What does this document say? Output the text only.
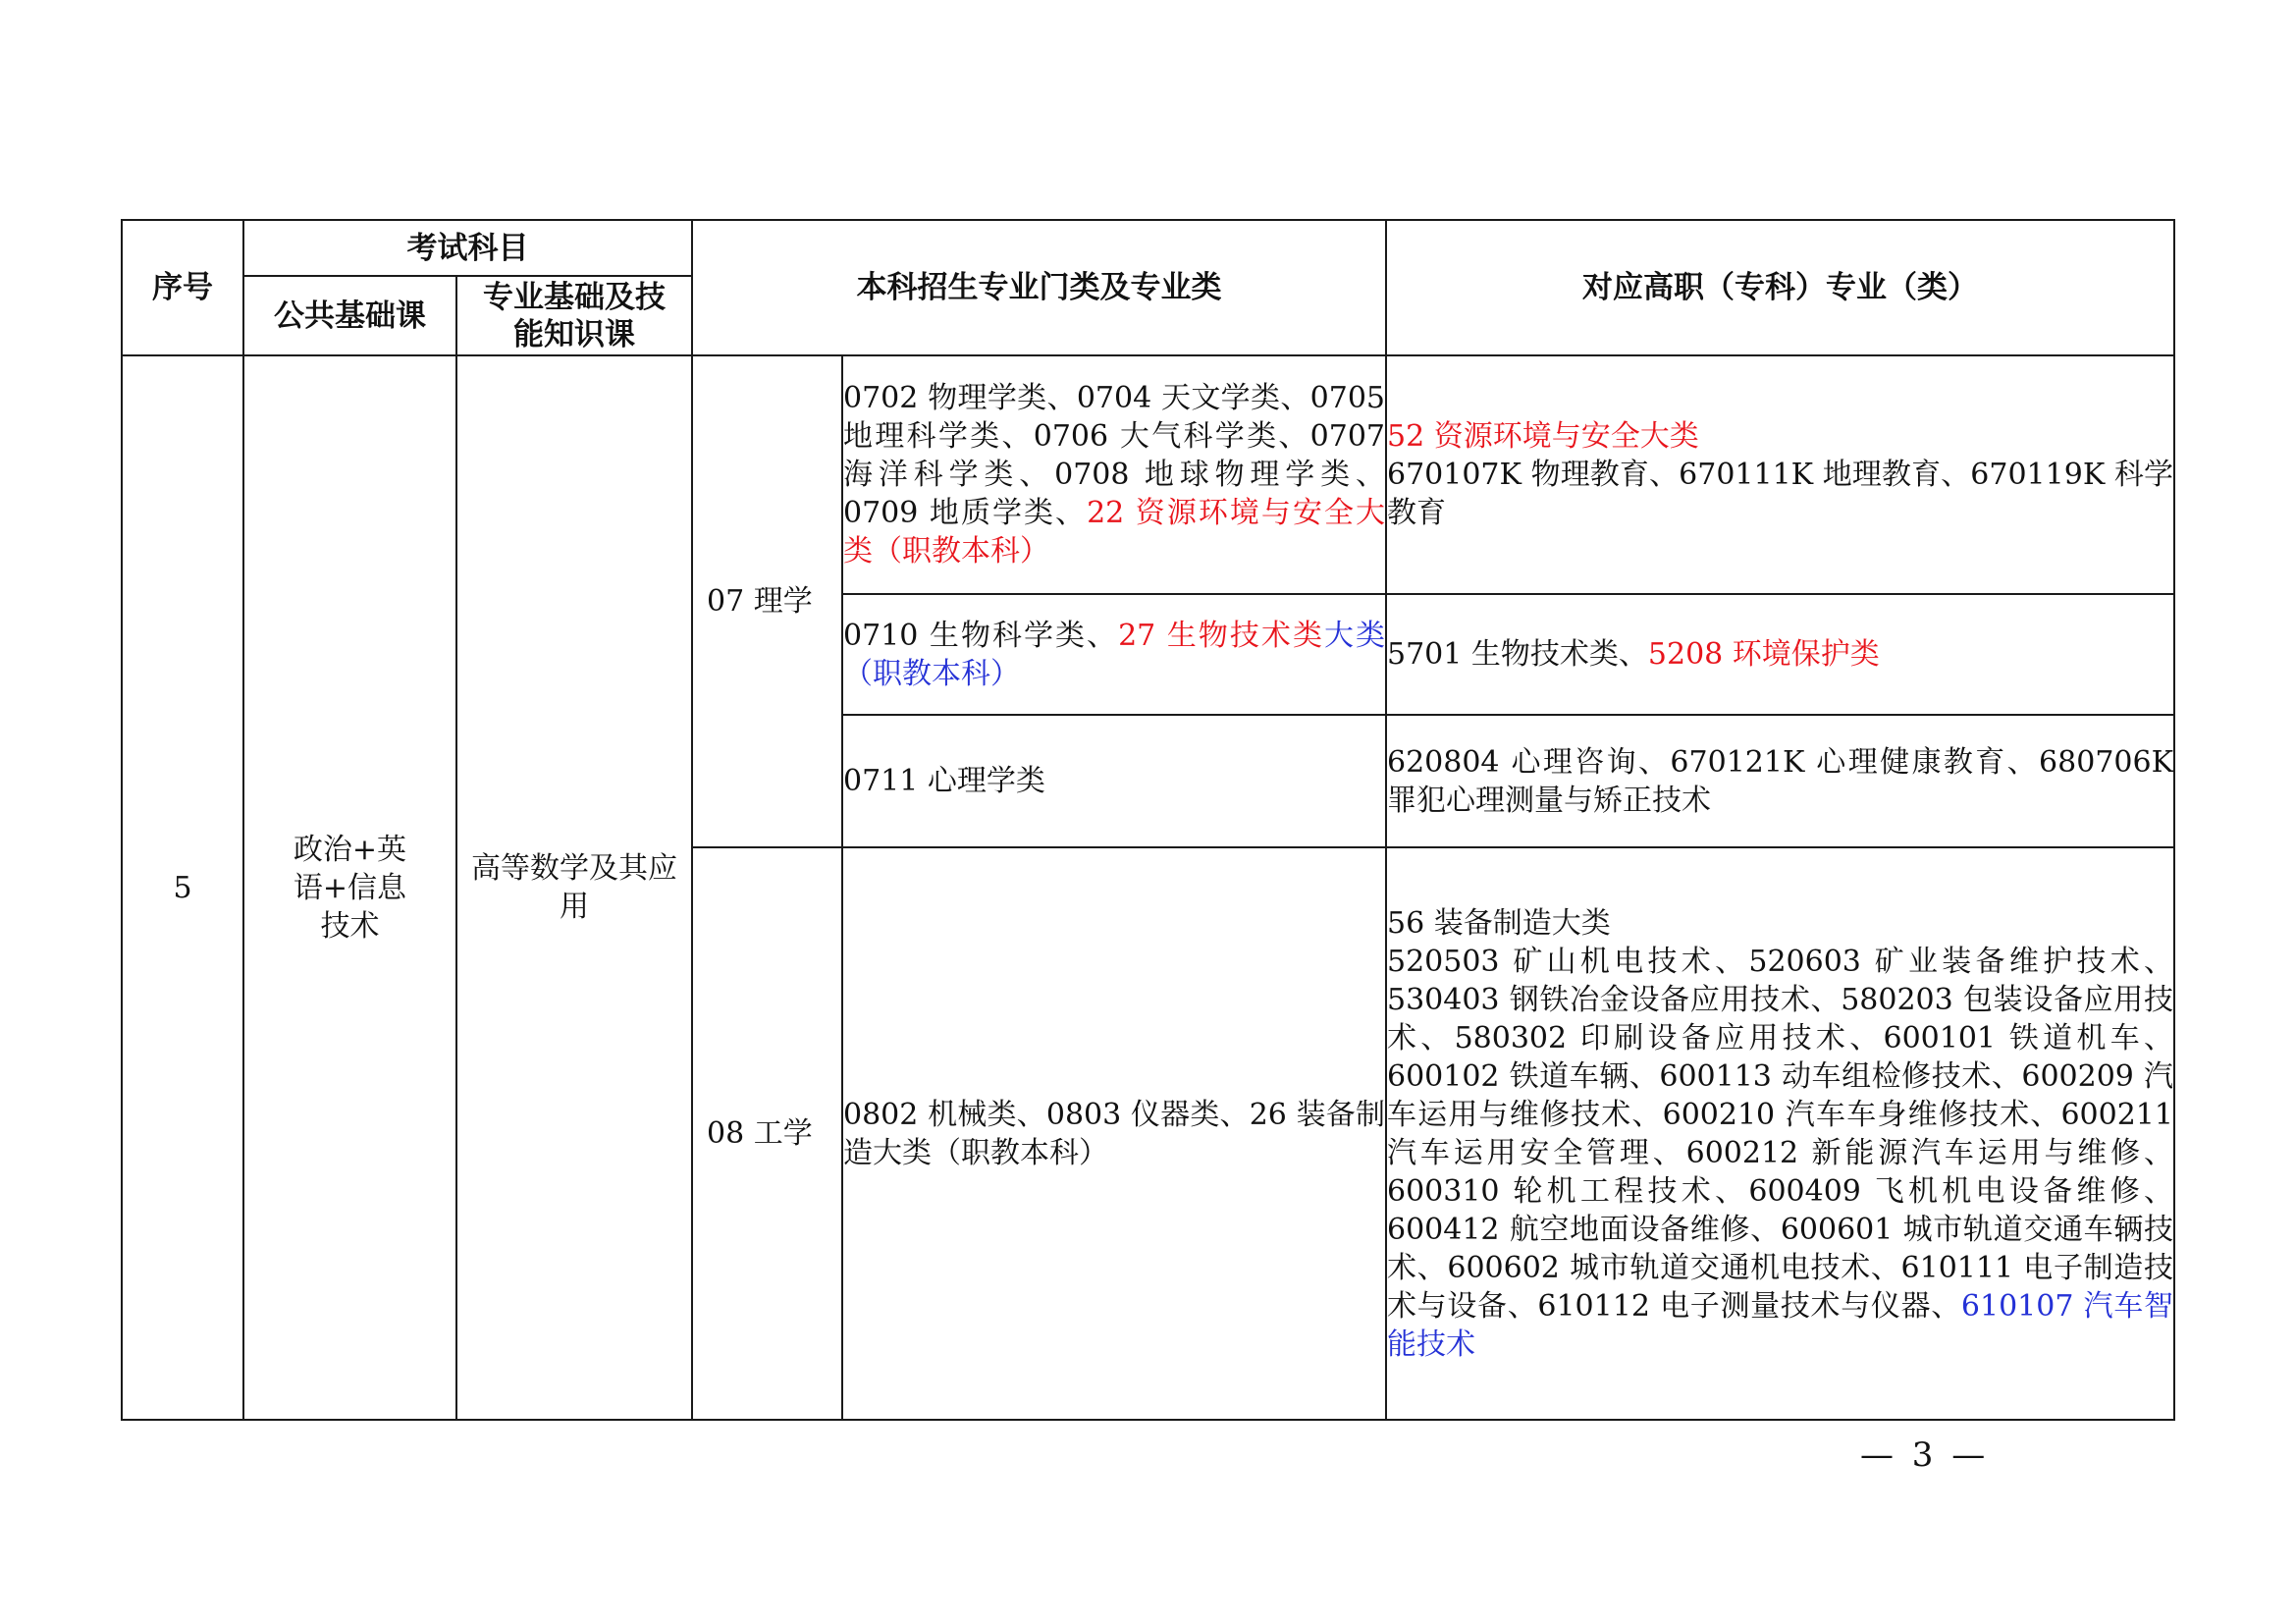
序号	考试科目		本科招生专业门类及专业类		对应高职（专科）专业（类）
	公共基础课	专业基础及技能知识课			
5	政治+英语+信息技术	高等数学及其应用	07 理学	0702 物理学类、0704 天文学类、0705 地理科学类、0706 大气科学类、0707 海洋科学类、0708 地球物理学类、0709 地质学类、22 资源环境与安全大类（职教本科）	52 资源环境与安全大类
670107K 物理教育、670111K 地理教育、670119K 科学教育
				0710 生物科学类、27 生物技术类大类（职教本科）	5701 生物技术类、5208 环境保护类
				0711 心理学类	620804 心理咨询、670121K 心理健康教育、680706K 罪犯心理测量与矫正技术
			08 工学	0802 机械类、0803 仪器类、26 装备制造大类（职教本科）	56 装备制造大类
520503 矿山机电技术、520603 矿业装备维护技术、530403 钢铁冶金设备应用技术、580203 包装设备应用技术、580302 印刷设备应用技术、600101 铁道机车、600102 铁道车辆、600113 动车组检修技术、600209 汽车运用与维修技术、600210 汽车车身维修技术、600211 汽车运用安全管理、600212 新能源汽车运用与维修、600310 轮机工程技术、600409 飞机机电设备维修、600412 航空地面设备维修、600601 城市轨道交通车辆技术、600602 城市轨道交通机电技术、610111 电子制造技术与设备、610112 电子测量技术与仪器、610107 汽车智能技术
— 3 —
